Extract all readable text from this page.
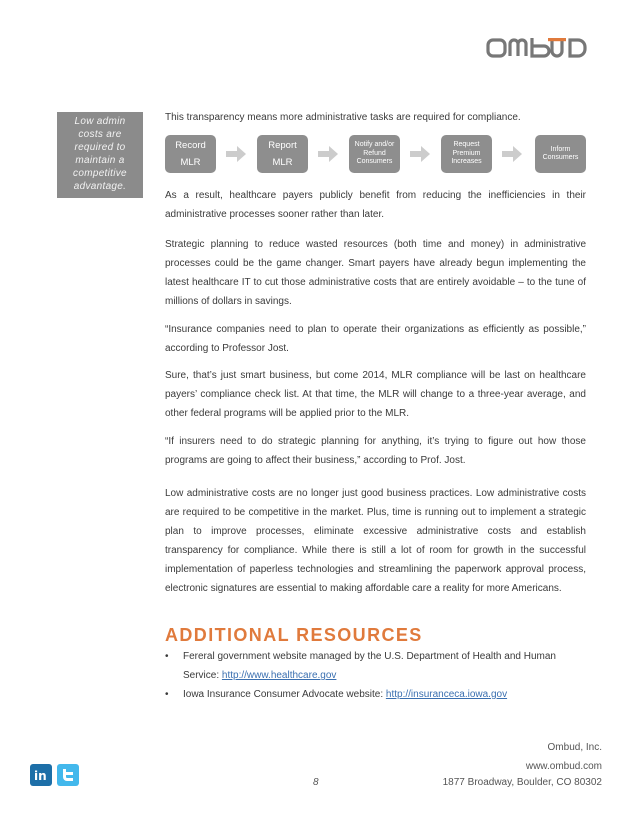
Low admin costs are required to maintain a competitive advantage.
This transparency means more administrative tasks are required for compliance.
Record MLR
Report MLR
Notify and/or Refund Consumers
Request Premium Increases
Inform Consumers

As a result, healthcare payers publicly benefit from reducing the inefficiencies in their administrative processes sooner rather than later.

Strategic planning to reduce wasted resources (both time and money) in administrative processes could be the game changer. Smart payers have already begun implementing the latest healthcare IT to cut those administrative costs that are entirely avoidable – to the tune of millions of dollars in savings.

“Insurance companies need to plan to operate their organizations as efficiently as possible,” according to Professor Jost.

Sure, that’s just smart business, but come 2014, MLR compliance will be last on healthcare payers’ compliance check list. At that time, the MLR will change to a three-year average, and other federal programs will be applied prior to the MLR.

“If insurers need to do strategic planning for anything, it’s trying to figure out how those programs are going to affect their business,” according to Prof. Jost.

Low administrative costs are no longer just good business practices. Low administrative costs are required to be competitive in the market. Plus, time is running out to implement a strategic plan to improve processes, eliminate excessive administrative costs and establish transparency for compliance. While there is still a lot of room for growth in the successful implementation of paperless technologies and streamlining the paperwork approval process, electronic signatures are essential to making affordable care a reality for more Americans.

ADDITIONAL RESOURCES
• Fereral government website managed by the U.S. Department of Health and Human Service: http://www.healthcare.gov
• Iowa Insurance Consumer Advocate website: http://insuranceca.iowa.gov
in
Ombud, Inc.
www.ombud.com
8	1877 Broadway, Boulder, CO 80302
